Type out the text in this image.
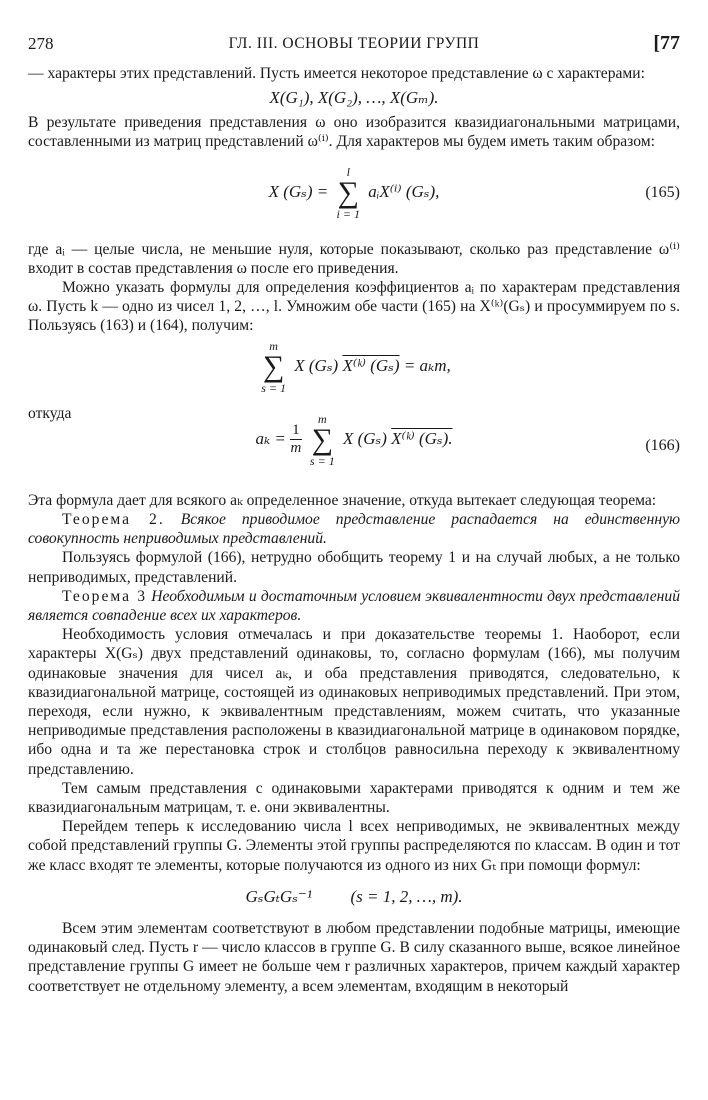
278	ГЛ. III. ОСНОВЫ ТЕОРИИ ГРУПП	[77

— характеры этих представлений. Пусть имеется некоторое представление ω с характерами:

X(G₁), X(G₂), …, X(Gₘ).

В результате приведения представления ω оно изобразится квазидиагональными матрицами, составленными из матриц представлений ω⁽ⁱ⁾. Для характеров мы будем иметь таким образом:

X (Gₛ) =
l
∑
i = 1
aᵢX⁽ⁱ⁾ (Gₛ),	(165)

где aᵢ — целые числа, не меньшие нуля, которые показывают, сколько раз представление ω⁽ⁱ⁾ входит в состав представления ω после его приведения.

Можно указать формулы для определения коэффициентов aᵢ по характерам представления ω. Пусть k — одно из чисел 1, 2, …, l. Умножим обе части (165) на X⁽ᵏ⁾(Gₛ) и просуммируем по s. Пользуясь (163) и (164), получим:

m
∑
s = 1
X (Gₛ) X⁽ᵏ⁾ (Gₛ) = aₖm,

откуда

$a_k = \frac{1}{m}$

m
∑
s = 1
X (Gₛ) X⁽ᵏ⁾ (Gₛ).	(166)

Эта формула дает для всякого aₖ определенное значение, откуда вытекает следующая теорема:

Теорема 2. Всякое приводимое представление распадается на единственную совокупность неприводимых представлений.

Пользуясь формулой (166), нетрудно обобщить теорему 1 и на случай любых, а не только неприводимых, представлений.

Теорема 3 Необходимым и достаточным условием эквивалентности двух представлений является совпадение всех их характеров.

Необходимость условия отмечалась и при доказательстве теоремы 1. Наоборот, если характеры X(Gₛ) двух представлений одинаковы, то, согласно формулам (166), мы получим одинаковые значения для чисел aₖ, и оба представления приводятся, следовательно, к квазидиагональной матрице, состоящей из одинаковых неприводимых представлений. При этом, переходя, если нужно, к эквивалентным представлениям, можем считать, что указанные неприводимые представления расположены в квазидиагональной матрице в одинаковом порядке, ибо одна и та же перестановка строк и столбцов равносильна переходу к эквивалентному представлению.

Тем самым представления с одинаковыми характерами приводятся к одним и тем же квазидиагональным матрицам, т. е. они эквивалентны.

Перейдем теперь к исследованию числа l всех неприводимых, не эквивалентных между собой представлений группы G. Элементы этой группы распределяются по классам. В один и тот же класс входят те элементы, которые получаются из одного из них Gₜ при помощи формул:

GₛGₜGₛ⁻¹ (s = 1, 2, …, m).

Всем этим элементам соответствуют в любом представлении подобные матрицы, имеющие одинаковый след. Пусть r — число классов в группе G. В силу сказанного выше, всякое линейное представление группы G имеет не больше чем r различных характеров, причем каждый характер соответствует не отдельному элементу, а всем элементам, входящим в некоторый
